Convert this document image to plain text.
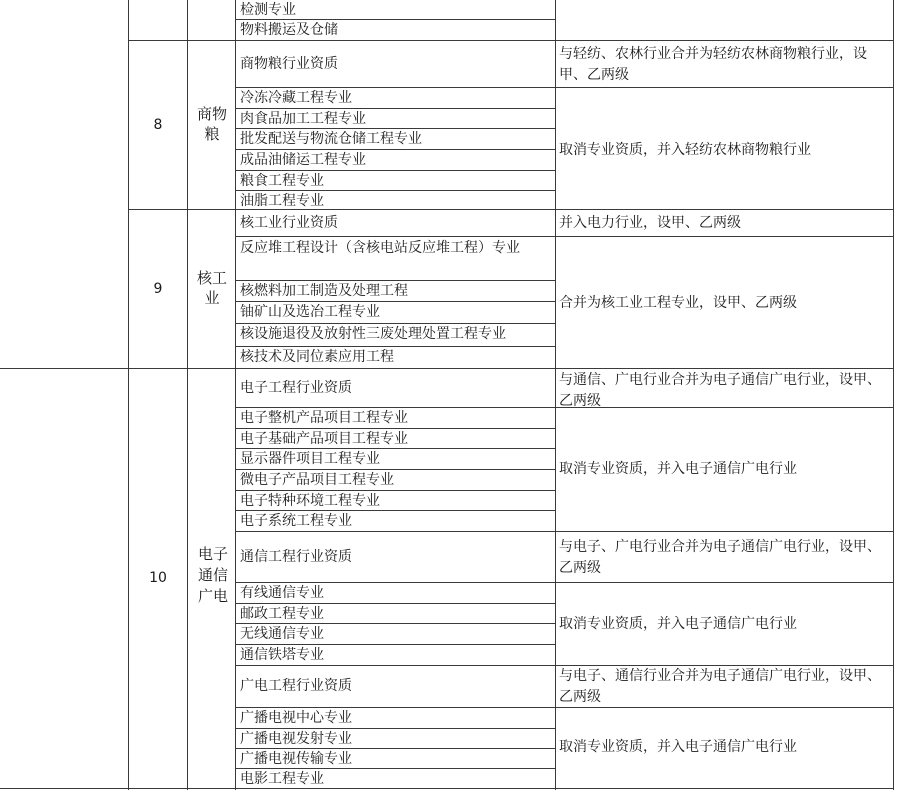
检测专业
物料搬运及仓储
8
商物粮
商物粮行业资质
冷冻冷藏工程专业
肉食品加工工程专业
批发配送与物流仓储工程专业
成品油储运工程专业
粮食工程专业
油脂工程专业
与轻纺、农林行业合并为轻纺农林商物粮行业，设甲、乙两级
取消专业资质，并入轻纺农林商物粮行业
9
核工业
核工业行业资质
反应堆工程设计（含核电站反应堆工程）专业
核燃料加工制造及处理工程
铀矿山及选冶工程专业
核设施退役及放射性三废处理处置工程专业
核技术及同位素应用工程
并入电力行业，设甲、乙两级
合并为核工业工程专业，设甲、乙两级
10
电子通信广电
电子工程行业资质
电子整机产品项目工程专业
电子基础产品项目工程专业
显示器件项目工程专业
微电子产品项目工程专业
电子特种环境工程专业
电子系统工程专业
通信工程行业资质
有线通信专业
邮政工程专业
无线通信专业
通信铁塔专业
广电工程行业资质
广播电视中心专业
广播电视发射专业
广播电视传输专业
电影工程专业
与通信、广电行业合并为电子通信广电行业，设甲、乙两级
取消专业资质，并入电子通信广电行业
与电子、广电行业合并为电子通信广电行业，设甲、乙两级
取消专业资质，并入电子通信广电行业
与电子、通信行业合并为电子通信广电行业，设甲、乙两级
取消专业资质，并入电子通信广电行业
